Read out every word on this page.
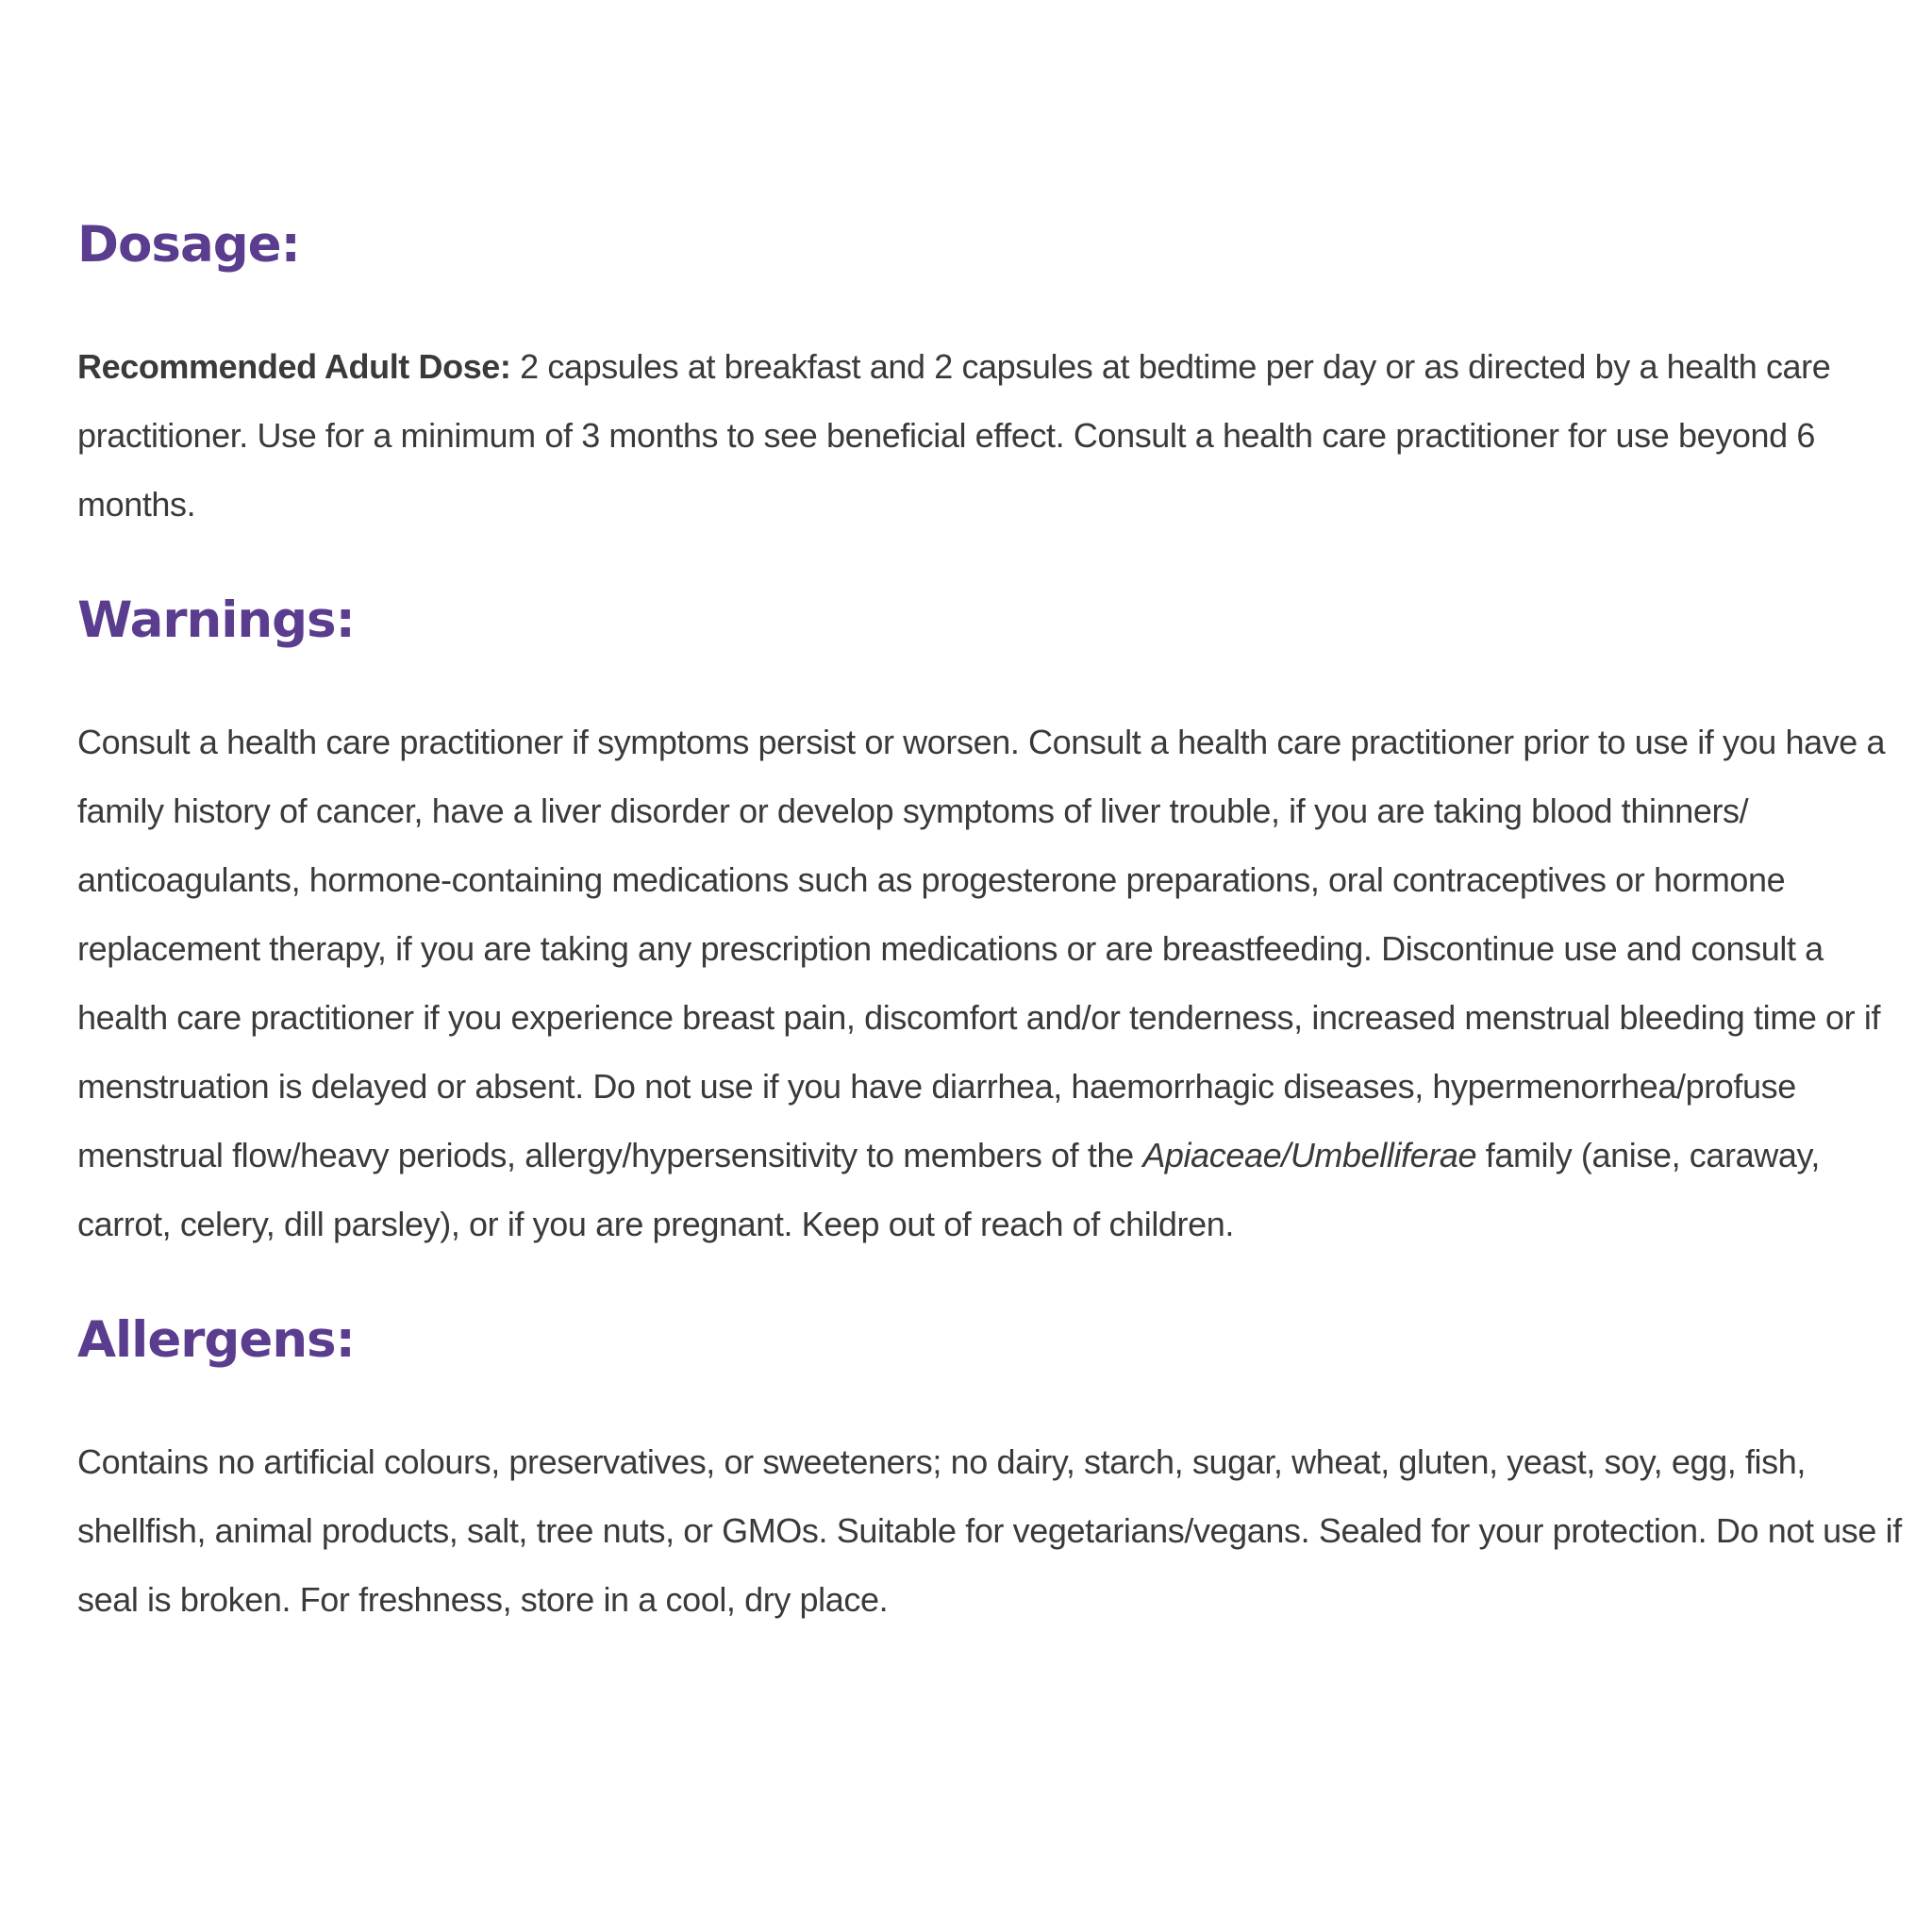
Dosage:

Recommended Adult Dose: 2 capsules at breakfast and 2 capsules at bedtime per day or as directed by a health care practitioner. Use for a minimum of 3 months to see beneficial effect. Consult a health care practitioner for use beyond 6 months.

Warnings:

Consult a health care practitioner if symptoms persist or worsen. Consult a health care practitioner prior to use if you have a family history of cancer, have a liver disorder or develop symptoms of liver trouble, if you are taking blood thinners/ anticoagulants, hormone-containing medications such as progesterone preparations, oral contraceptives or hormone replacement therapy, if you are taking any prescription medications or are breastfeeding. Discontinue use and consult a health care practitioner if you experience breast pain, discomfort and/or tenderness, increased menstrual bleeding time or if menstruation is delayed or absent. Do not use if you have diarrhea, haemorrhagic diseases, hypermenorrhea/profuse menstrual flow/heavy periods, allergy/hypersensitivity to members of the Apiaceae/Umbelliferae family (anise, caraway, carrot, celery, dill parsley), or if you are pregnant. Keep out of reach of children.

Allergens:

Contains no artificial colours, preservatives, or sweeteners; no dairy, starch, sugar, wheat, gluten, yeast, soy, egg, fish, shellfish, animal products, salt, tree nuts, or GMOs. Suitable for vegetarians/vegans. Sealed for your protection. Do not use if seal is broken. For freshness, store in a cool, dry place.
